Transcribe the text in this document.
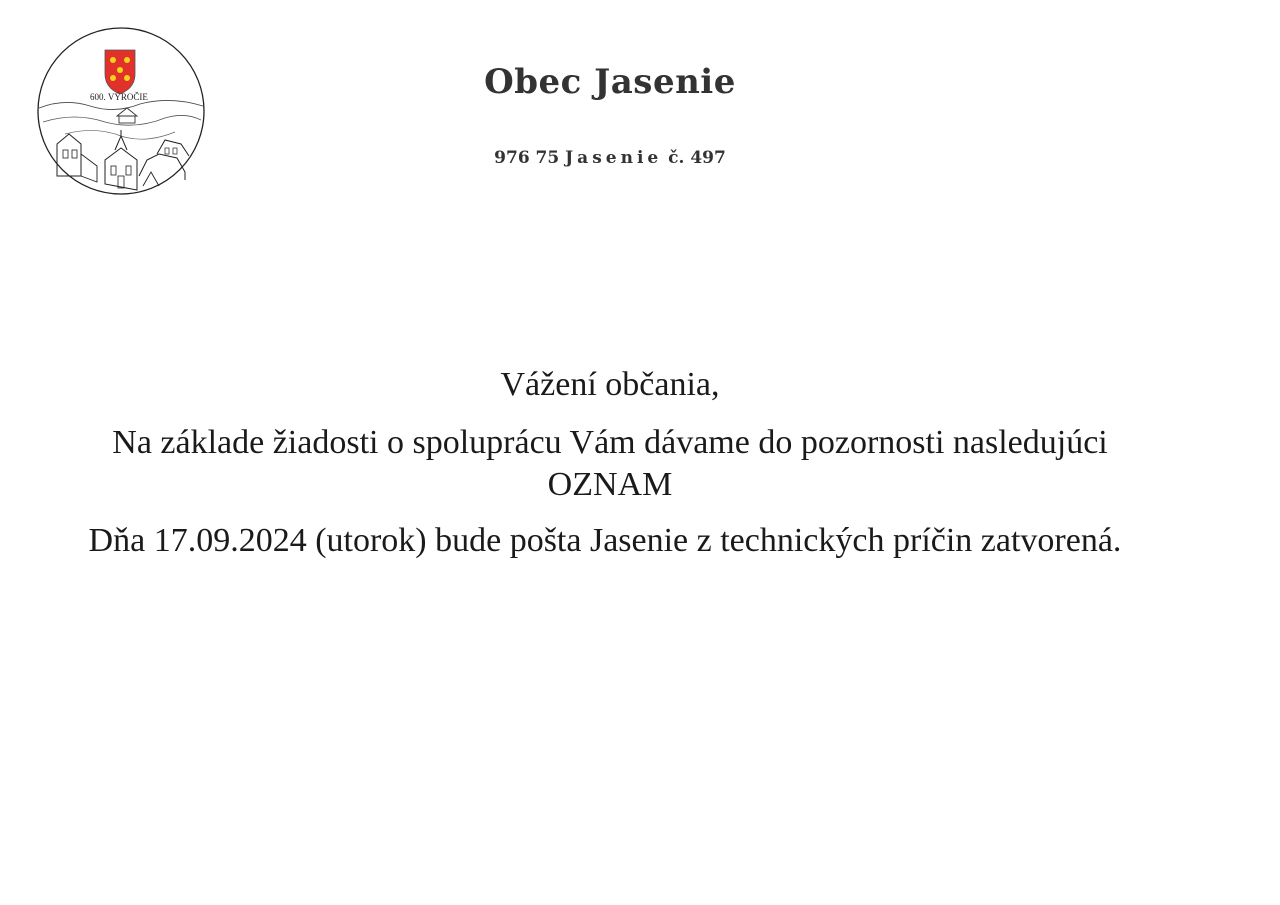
600. VÝROČIE	Obec Jasenie
976 75 Jasenie č. 497
Vážení občania,
Na základe žiadosti o spoluprácu Vám dávame do pozornosti nasledujúci
OZNAM
Dňa 17.09.2024 (utorok) bude pošta Jasenie z technických príčin zatvorená.
